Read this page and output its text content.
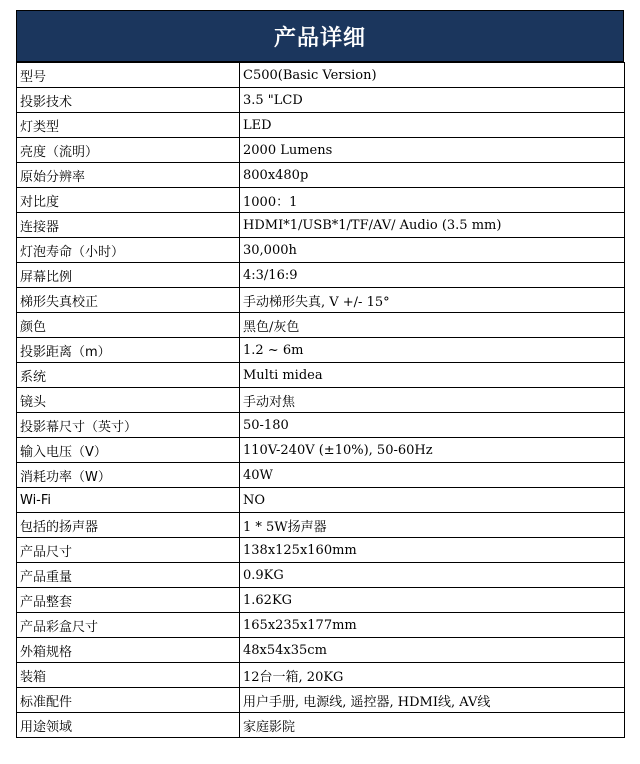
产品详细
型号	C500(Basic Version)
投影技术	3.5 "LCD
灯类型	LED
亮度（流明）	2000 Lumens
原始分辨率	800x480p
对比度	1000：1
连接器	HDMI*1/USB*1/TF/AV/ Audio (3.5 mm)
灯泡寿命（小时）	30,000h
屏幕比例	4:3/16:9
梯形失真校正	手动梯形失真, V +/- 15°
颜色	黑色/灰色
投影距离（m）	1.2 ~ 6m
系统	Multi midea
镜头	手动对焦
投影幕尺寸（英寸）	50-180
输入电压（V）	110V-240V (±10%), 50-60Hz
消耗功率（W）	40W
Wi-Fi	NO
包括的扬声器	1 * 5W扬声器
产品尺寸	138x125x160mm
产品重量	0.9KG
产品整套	1.62KG
产品彩盒尺寸	165x235x177mm
外箱规格	48x54x35cm
装箱	12台一箱, 20KG
标准配件	用户手册, 电源线, 遥控器, HDMI线, AV线
用途领域	家庭影院
